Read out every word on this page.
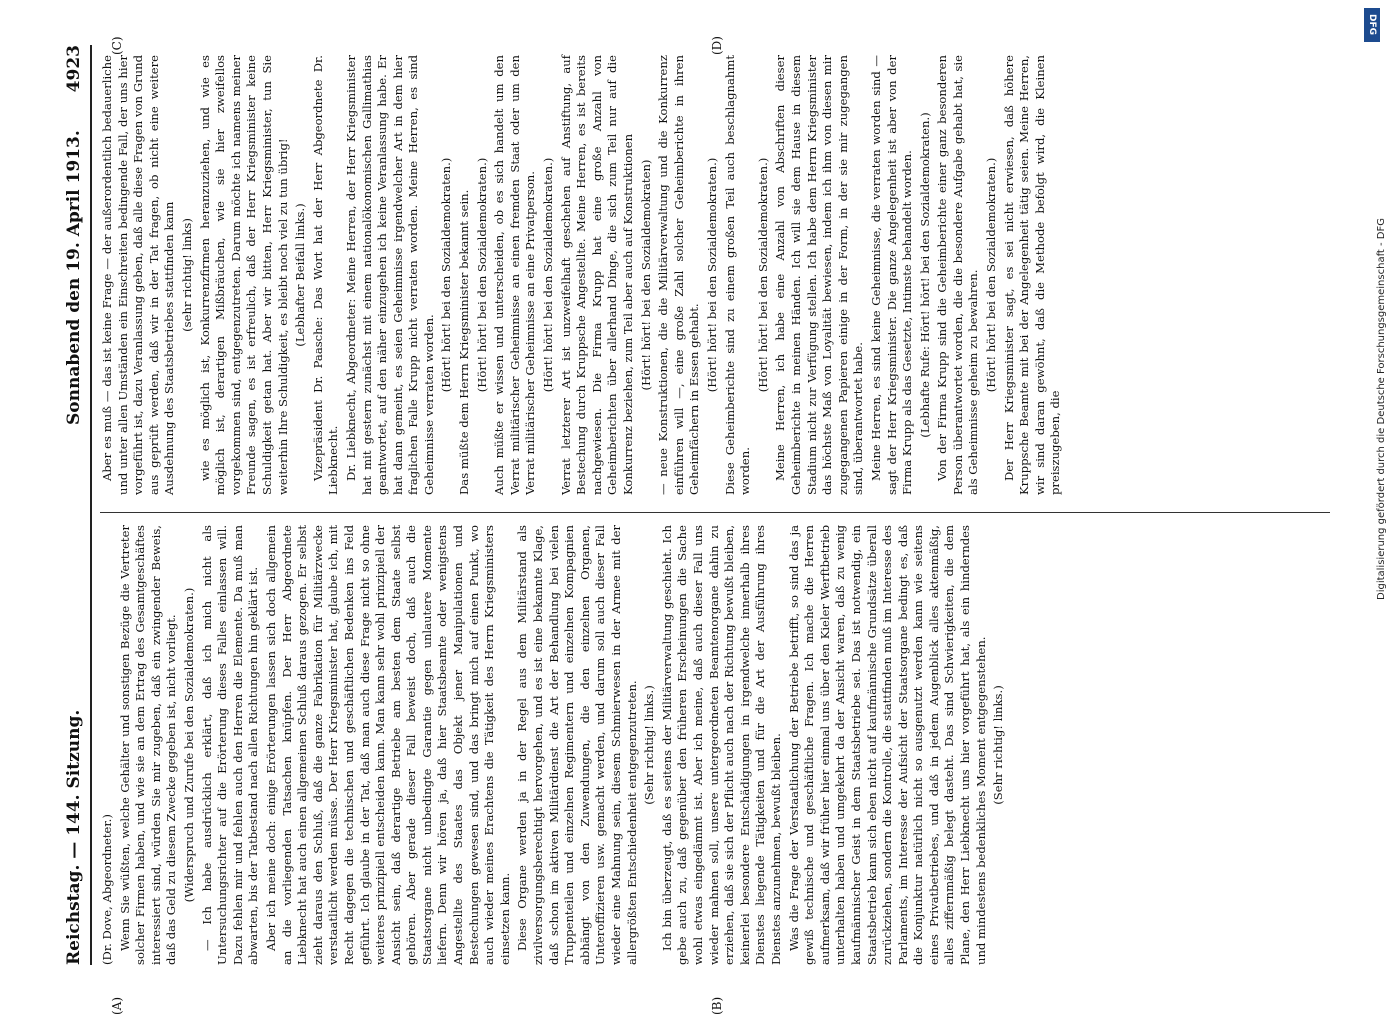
Reichstag. — 144. Sitzung.
Sonnabend den 19. April 1913.
4923
(A)	(B)
(C)	(D)

(Dr. Dove, Abgeordneter.) Wenn Sie wüßten, welche Gehälter und sonstigen Bezüge die Vertreter solcher Firmen haben, und wie sie an dem Ertrag des Gesamtgeschäftes interessiert sind, würden Sie mir zugeben, daß ein zwingender Beweis, daß das Geld zu diesem Zwecke gegeben ist, nicht vorliegt. (Widerspruch und Zurufe bei den Sozialdemokraten.) — Ich habe ausdrücklich erklärt, daß ich mich nicht als Untersuchungsrichter auf die Erörterung dieses Falles einlassen will. Dazu fehlen mir und fehlen auch den Herren die Elemente. Da muß man abwarten, bis der Tatbestand nach allen Richtungen hin geklärt ist. Aber ich meine doch: einige Erörterungen lassen sich doch allgemein an die vorliegenden Tatsachen knüpfen. Der Herr Abgeordnete Liebknecht hat auch einen allgemeinen Schluß daraus gezogen. Er selbst zieht daraus den Schluß, daß die ganze Fabrikation für Militärzwecke verstaatlicht werden müsse. Der Herr Kriegsminister hat, glaube ich, mit Recht dagegen die technischen und geschäftlichen Bedenken ins Feld geführt. Ich glaube in der Tat, daß man auch diese Frage nicht so ohne weiteres prinzipiell entscheiden kann. Man kann sehr wohl prinzipiell der Ansicht sein, daß derartige Betriebe am besten dem Staate selbst gehören. Aber gerade dieser Fall beweist doch, daß auch die Staatsorgane nicht unbedingte Garantie gegen unlautere Momente liefern. Denn wir hören ja, daß hier Staatsbeamte oder wenigstens Angestellte des Staates das Objekt jener Manipulationen und Bestechungen gewesen sind, und das bringt mich auf einen Punkt, wo auch wieder meines Erachtens die Tätigkeit des Herrn Kriegsministers einsetzen kann. Diese Organe werden ja in der Regel aus dem Militärstand als zivilversorgungsberechtigt hervorgehen, und es ist eine bekannte Klage, daß schon im aktiven Militärdienst die Art der Behandlung bei vielen Truppenteilen und einzelnen Regimentern und einzelnen Kompagnien abhängt von den Zuwendungen, die den einzelnen Organen, Unteroffizieren usw. gemacht werden, und darum soll auch dieser Fall wieder eine Mahnung sein, diesem Schmierwesen in der Armee mit der allergrößten Entschiedenheit entgegenzutreten. (Sehr richtig! links.) Ich bin überzeugt, daß es seitens der Militärverwaltung geschieht. Ich gebe auch zu, daß gegenüber den früheren Erscheinungen die Sache wohl etwas eingedämmt ist. Aber ich meine, daß auch dieser Fall uns wieder mahnen soll, unsere untergeordneten Beamtenorgane dahin zu erziehen, daß sie sich der Pflicht auch nach der Richtung bewußt bleiben, keinerlei besondere Entschädigungen in irgendwelche innerhalb ihres Dienstes liegende Tätigkeiten und für die Art der Ausführung ihres Dienstes anzunehmen, bewußt bleiben. Was die Frage der Verstaatlichung der Betriebe betrifft, so sind das ja gewiß technische und geschäftliche Fragen. Ich mache die Herren aufmerksam, daß wir früher hier einmal uns über den Kieler Werftbetrieb unterhalten haben und umgekehrt da der Ansicht waren, daß zu wenig kaufmännischer Geist in dem Staatsbetriebe sei. Das ist notwendig, ein Staatsbetrieb kann sich eben nicht auf kaufmännische Grundsätze überall zurückziehen, sondern die Kontrolle, die stattfinden muß im Interesse des Parlaments, im Interesse der Aufsicht der Staatsorgane bedingt es, daß die Konjunktur natürlich nicht so ausgenutzt werden kann wie seitens eines Privatbetriebes, und daß in jedem Augenblick alles aktenmäßig, alles ziffernmäßig belegt dasteht. Das sind Schwierigkeiten, die dem Plane, den Herr Liebknecht uns hier vorgeführt hat, als ein hinderndes und mindestens bedenkliches Moment entgegenstehen. (Sehr richtig! links.)

Aber es muß — das ist keine Frage — der außerordentlich bedauerliche und unter allen Umständen ein Einschreiten bedingende Fall, der uns hier vorgeführt ist, dazu Veranlassung geben, daß alle diese Fragen von Grund aus geprüft werden, daß wir in der Tat fragen, ob nicht eine weitere Ausdehnung des Staatsbetriebes stattfinden kann (sehr richtig! links) wie es möglich ist, Konkurrenzfirmen heranzuziehen, und wie es möglich ist, derartigen Mißbräuchen, wie sie hier zweifellos vorgekommen sind, entgegenzutreten. Darum möchte ich namens meiner Freunde sagen, es ist erfreulich, daß der Herr Kriegsminister keine Schuldigkeit getan hat. Aber wir bitten, Herr Kriegsminister, tun Sie weiterhin Ihre Schuldigkeit, es bleibt noch viel zu tun übrig! (Lebhafter Beifall links.) Vizepräsident Dr. Paasche: Das Wort hat der Herr Abgeordnete Dr. Liebknecht. Dr. Liebknecht, Abgeordneter: Meine Herren, der Herr Kriegsminister hat mit gestern zunächst mit einem nationalökonomischen Gallimathias geantwortet, auf den näher einzugehen ich keine Veranlassung habe. Er hat dann gemeint, es seien Geheimnisse irgendwelcher Art in dem hier fraglichen Falle Krupp nicht verraten worden. Meine Herren, es sind Geheimnisse verraten worden.

(Hört! hört! bei den Sozialdemokraten.) Das müßte dem Herrn Kriegsminister bekannt sein. (Hört! hört! bei den Sozialdemokraten.) Auch müßte er wissen und unterscheiden, ob es sich handelt um den Verrat militärischer Geheimnisse an einen fremden Staat oder um den Verrat militärischer Geheimnisse an eine Privatperson. (Hört! hört! bei den Sozialdemokraten.) Verrat letzterer Art ist unzweifelhaft geschehen auf Anstiftung, auf Bestechung durch Kruppsche Angestellte. Meine Herren, es ist bereits nachgewiesen. Die Firma Krupp hat eine große Anzahl von Geheimberichten über allerhand Dinge, die sich zum Teil nur auf die Konkurrenz beziehen, zum Teil aber auch auf Konstruktionen (Hört! hört! bei den Sozialdemokraten) — neue Konstruktionen, die die Militärverwaltung und die Konkurrenz einführen will —, eine große Zahl solcher Geheimberichte in ihren Geheimfächern in Essen gehabt.

(Hört! hört! bei den Sozialdemokraten.) Diese Geheimberichte sind zu einem großen Teil auch beschlagnahmt worden.

(Hört! hört! bei den Sozialdemokraten.) Meine Herren, ich habe eine Anzahl von Abschriften dieser Geheimberichte in meinen Händen. Ich will sie dem Hause in diesem Stadium nicht zur Verfügung stellen. Ich habe dem Herrn Kriegsminister das höchste Maß von Loyalität bewiesen, indem ich ihm von diesen mir zugegangenen Papieren einige in der Form, in der sie mir zugegangen sind, überantwortet habe. Meine Herren, es sind keine Geheimnisse, die verraten worden sind — sagt der Herr Kriegsminister. Die ganze Angelegenheit ist aber von der Firma Krupp als das Gesetzte, Intimste behandelt worden. (Lebhafte Rufe: Hört! hört! bei den Sozialdemokraten.) Von der Firma Krupp sind die Geheimberichte einer ganz besonderen Person überantwortet worden, die die besondere Aufgabe gehabt hat, sie als Geheimnisse geheim zu bewahren. (Hört! hört! bei den Sozialdemokraten.) Der Herr Kriegsminister sagt, es sei nicht erwiesen, daß höhere Kruppsche Beamte mit bei der Angelegenheit tätig seien. Meine Herren, wir sind daran gewöhnt, daß die Methode befolgt wird, die Kleinen preiszugeben, die

DFG
Digitalisierung gefördert durch die Deutsche Forschungsgemeinschaft - DFG
